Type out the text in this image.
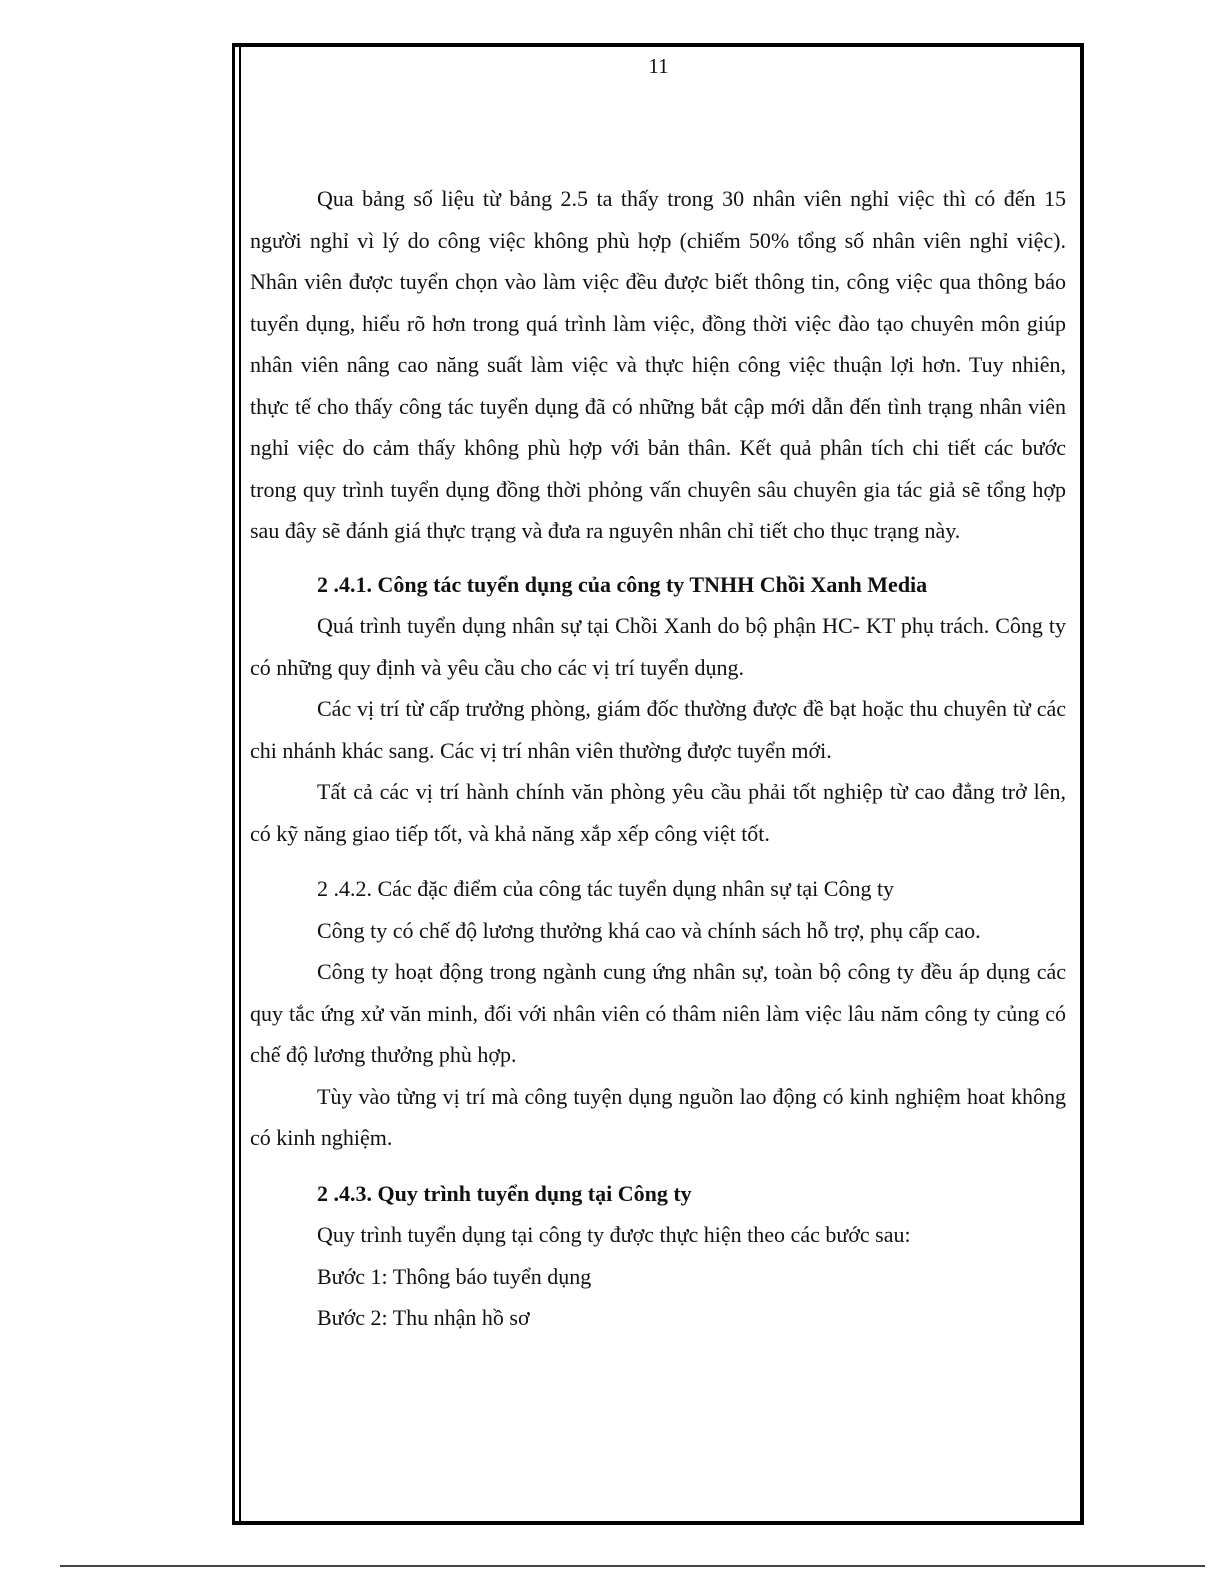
11

Qua bảng số liệu từ bảng 2.5 ta thấy trong 30 nhân viên nghỉ việc thì có đến 15 người nghỉ vì lý do công việc không phù hợp (chiếm 50% tổng số nhân viên nghỉ việc). Nhân viên được tuyển chọn vào làm việc đều được biết thông tin, công việc qua thông báo tuyển dụng, hiểu rõ hơn trong quá trình làm việc, đồng thời việc đào tạo chuyên môn giúp nhân viên nâng cao năng suất làm việc và thực hiện công việc thuận lợi hơn. Tuy nhiên, thực tế cho thấy công tác tuyển dụng đã có những bắt cập mới dẫn đến tình trạng nhân viên nghỉ việc do cảm thấy không phù hợp với bản thân. Kết quả phân tích chi tiết các bước trong quy trình tuyển dụng đồng thời phỏng vấn chuyên sâu chuyên gia tác giả sẽ tổng hợp sau đây sẽ đánh giá thực trạng và đưa ra nguyên nhân chỉ tiết cho thục trạng này.

2 .4.1. Công tác tuyển dụng của công ty TNHH Chồi Xanh Media

Quá trình tuyển dụng nhân sự tại Chồi Xanh do bộ phận HC- KT phụ trách. Công ty có những quy định và yêu cầu cho các vị trí tuyển dụng.

Các vị trí từ cấp trưởng phòng, giám đốc thường được đề bạt hoặc thu chuyên từ các chi nhánh khác sang. Các vị trí nhân viên thường được tuyển mới.

Tất cả các vị trí hành chính văn phòng yêu cầu phải tốt nghiệp từ cao đẳng trở lên, có kỹ năng giao tiếp tốt, và khả năng xắp xếp công việt tốt.

2 .4.2. Các đặc điểm của công tác tuyển dụng nhân sự tại Công ty

Công ty có chế độ lương thưởng khá cao và chính sách hỗ trợ, phụ cấp cao.

Công ty hoạt động trong ngành cung ứng nhân sự, toàn bộ công ty đều áp dụng các quy tắc ứng xử văn minh, đối với nhân viên có thâm niên làm việc lâu năm công ty củng có chế độ lương thưởng phù hợp.

Tùy vào từng vị trí mà công tuyện dụng nguồn lao động có kinh nghiệm hoat không có kinh nghiệm.

2 .4.3. Quy trình tuyển dụng tại Công ty

Quy trình tuyển dụng tại công ty được thực hiện theo các bước sau:

Bước 1: Thông báo tuyển dụng

Bước 2: Thu nhận hồ sơ
